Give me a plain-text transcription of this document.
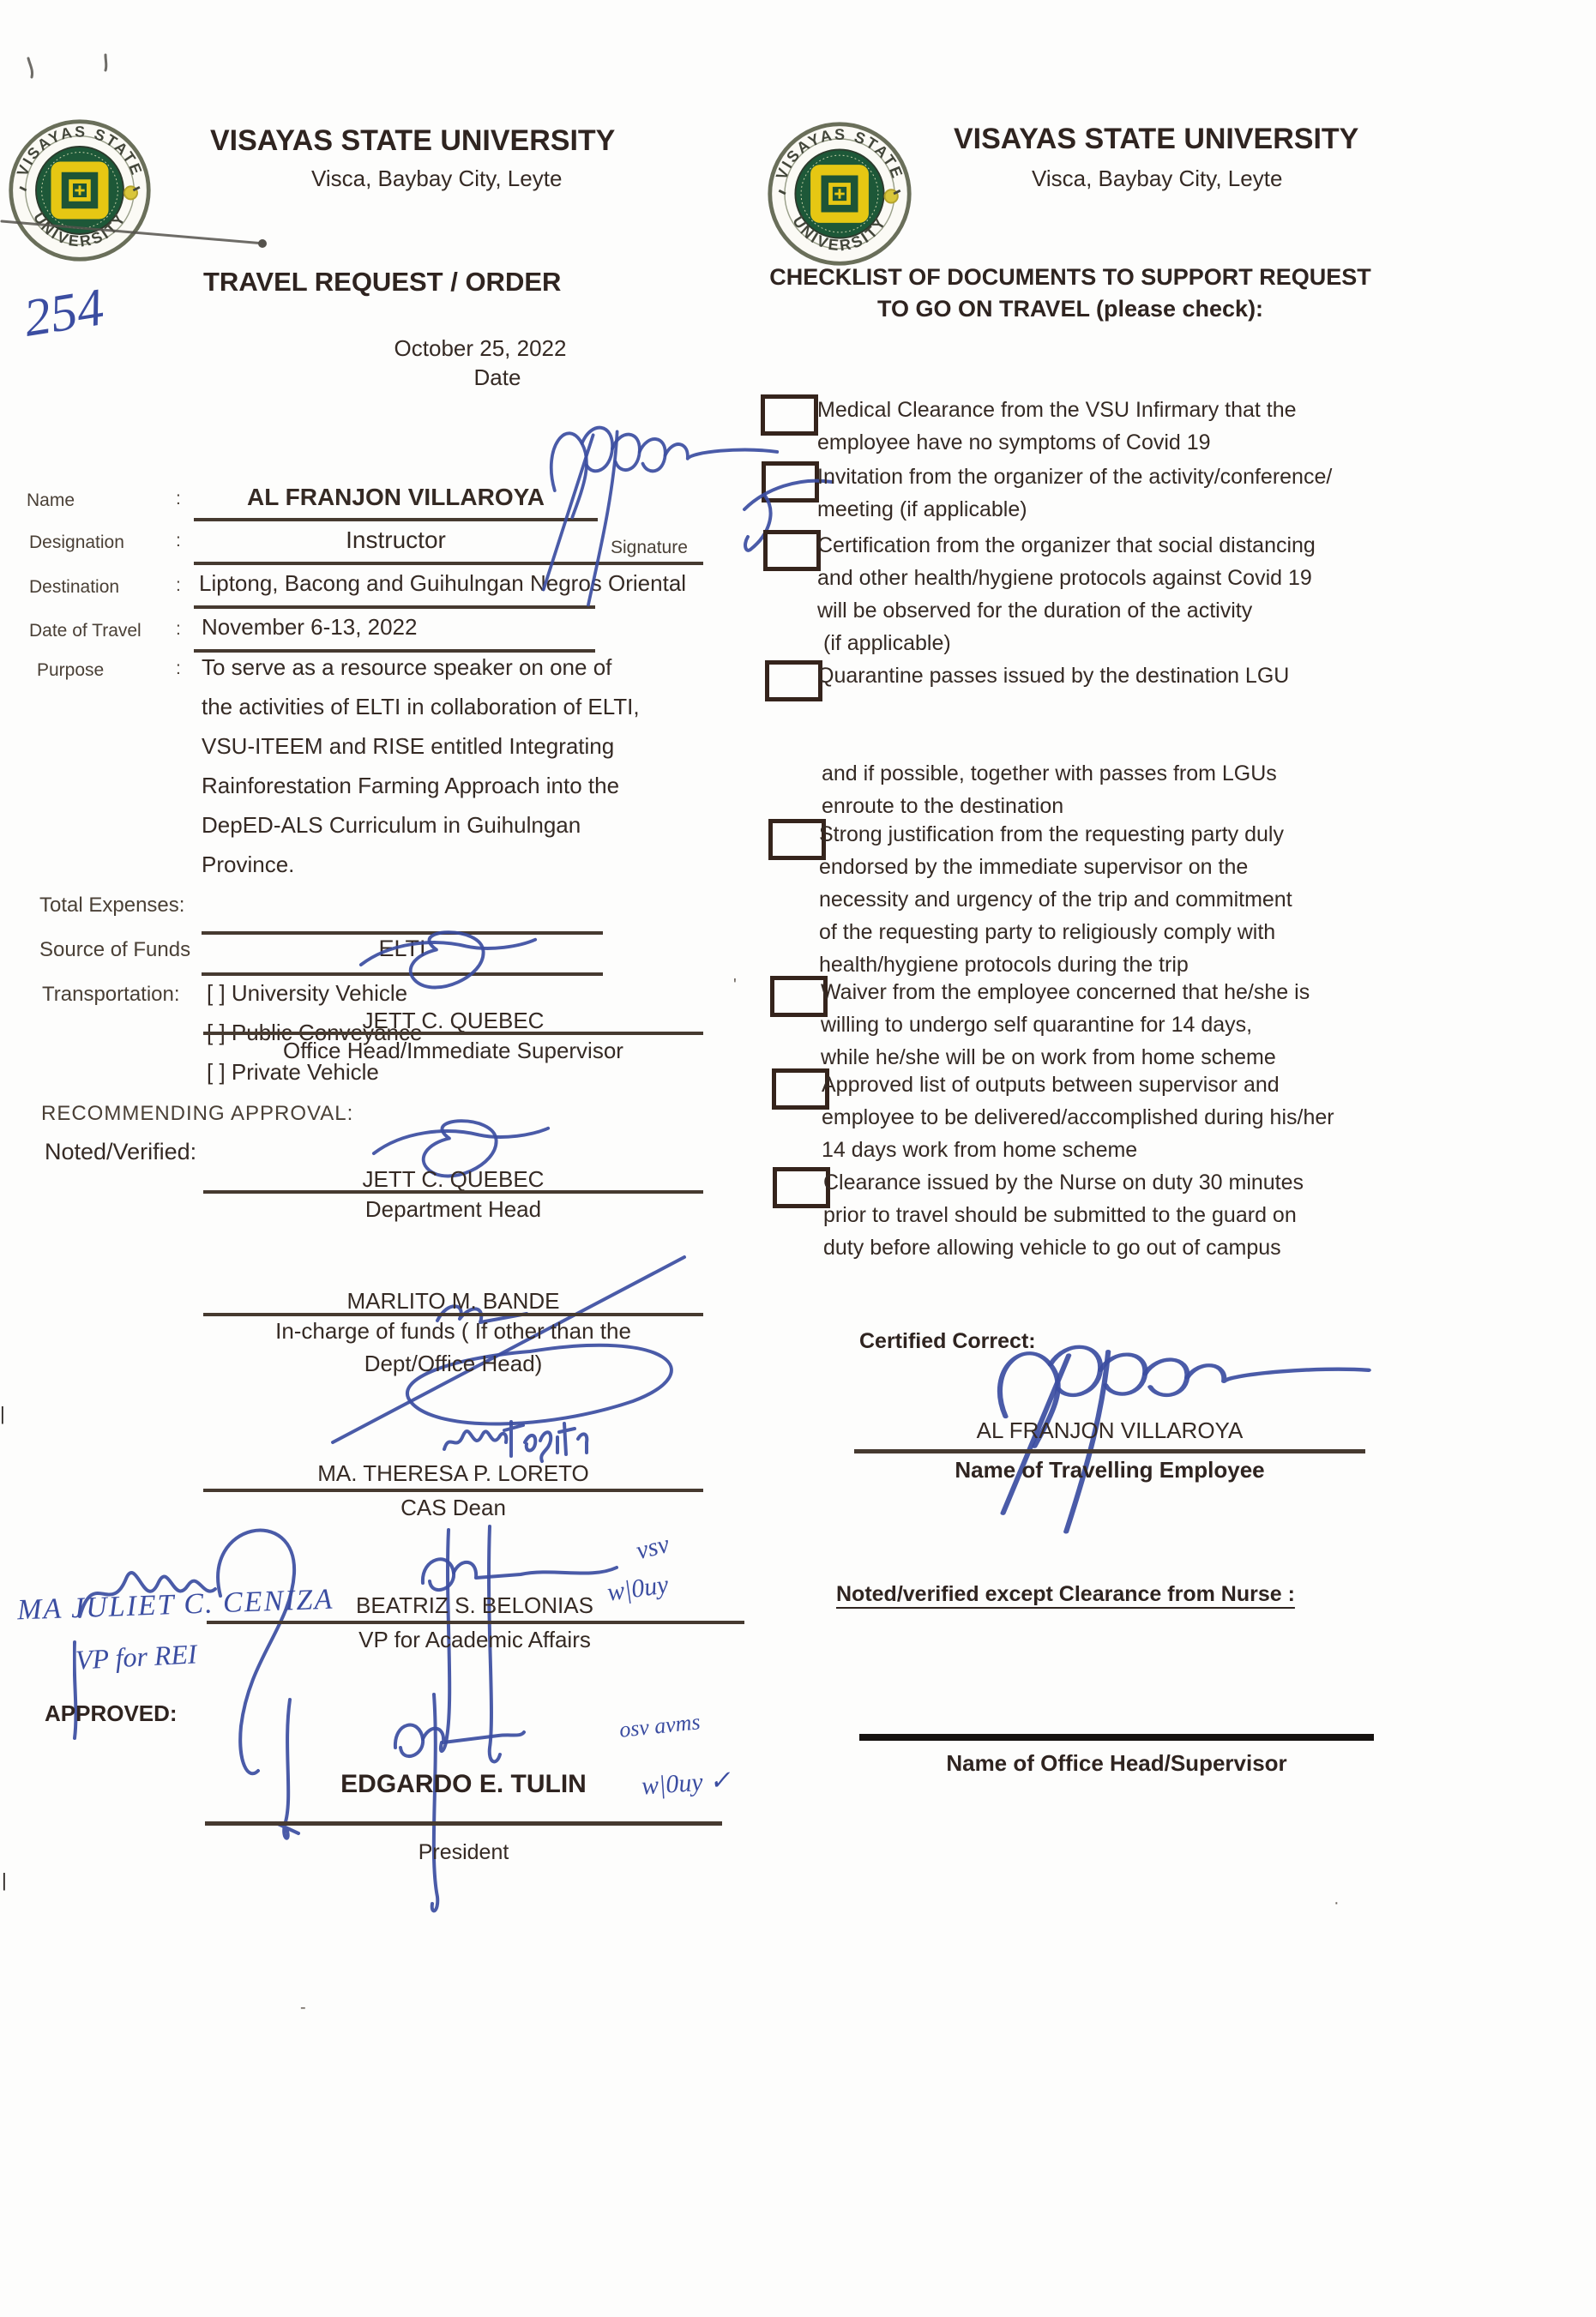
VISAYAS STATE UNIVERSITY
Visca, Baybay City, Leyte
TRAVEL REQUEST / ORDER
254
October 25, 2022
Date
Name	:	AL FRANJON VILLAROYA
Designation	:	Instructor	Signature
Destination	: Liptong, Bacong and Guihulngan Negros Oriental
Date of Travel : November 6-13, 2022
Purpose	: To serve as a resource speaker on one of
the activities of ELTI in collaboration of ELTI,
VSU-ITEEM and RISE entitled Integrating
Rainforestation Farming Approach into the
DepED-ALS Curriculum in Guihulngan
Province.
Total Expenses:
Source of Funds	ELTI
Transportation: [ ] University Vehicle
[ ] Public Conveyance
[ ] Private Vehicle
Noted/Verified:
JETT C. QUEBEC
Office Head/Immediate Supervisor
RECOMMENDING APPROVAL:
JETT C. QUEBEC
Department Head
MARLITO M. BANDE
In-charge of funds ( If other than the
Dept/Office Head)
MA. THERESA P. LORETO
CAS Dean
MA JULIET C. CENIZA
VP for REI
vsv
w|0uy
BEATRIZ S. BELONIAS
VP for Academic Affairs
APPROVED:	osv avms
w|0uy ✓
EDGARDO E. TULIN
President
VISAYAS STATE UNIVERSITY
Visca, Baybay City, Leyte
CHECKLIST OF DOCUMENTS TO SUPPORT REQUEST
TO GO ON TRAVEL (please check):
Medical Clearance from the VSU Infirmary that the
employee have no symptoms of Covid 19
Invitation from the organizer of the activity/conference/
meeting (if applicable)
Certification from the organizer that social distancing
and other health/hygiene protocols against Covid 19
will be observed for the duration of the activity
(if applicable)
Quarantine passes issued by the destination LGU
and if possible, together with passes from LGUs
enroute to the destination
Strong justification from the requesting party duly
endorsed by the immediate supervisor on the
necessity and urgency of the trip and commitment
of the requesting party to religiously comply with
health/hygiene protocols during the trip
Waiver from the employee concerned that he/she is
willing to undergo self quarantine for 14 days,
while he/she will be on work from home scheme
Approved list of outputs between supervisor and
employee to be delivered/accomplished during his/her
14 days work from home scheme
Clearance issued by the Nurse on duty 30 minutes
prior to travel should be submitted to the guard on
duty before allowing vehicle to go out of campus
Certified Correct:
AL FRANJON VILLAROYA
Name of Travelling Employee
Noted/verified except Clearance from Nurse :
Name of Office Head/Supervisor
|
|
-
'
·
